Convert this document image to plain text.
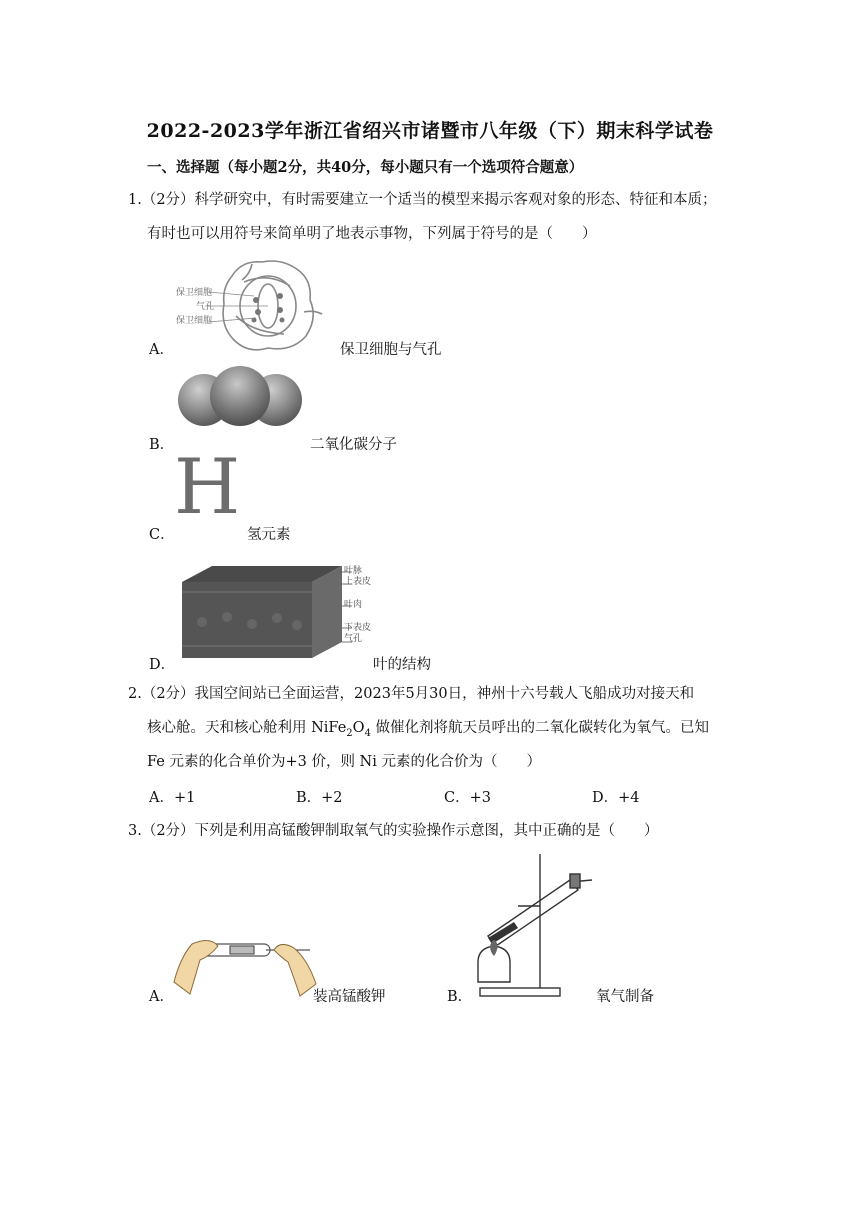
2022-2023学年浙江省绍兴市诸暨市八年级（下）期末科学试卷
一、选择题（每小题2分，共40分，每小题只有一个选项符合题意）
1.（2分）科学研究中，有时需要建立一个适当的模型来揭示客观对象的形态、特征和本质；
有时也可以用符号来简单明了地表示事物，下列属于符号的是（　　）
保卫细胞
气孔
保卫细胞
A．	保卫细胞与气孔
B．	二氧化碳分子
H
C．	氢元素
叶脉
上表皮
叶肉
下表皮
气孔
D．	叶的结构
2.（2分）我国空间站已全面运营，2023年5月30日，神州十六号载人飞船成功对接天和
核心舱。天和核心舱利用 $NiFe_2O_4$ 做催化剂将航天员呼出的二氧化碳转化为氧气。已知
Fe 元素的化合单价为+3 价，则 Ni 元素的化合价为（　　）
A．+1	B．+2	C．+3	D．+4
3.（2分）下列是利用高锰酸钾制取氧气的实验操作示意图，其中正确的是（　　）
A．	装高锰酸钾	B．	氧气制备
